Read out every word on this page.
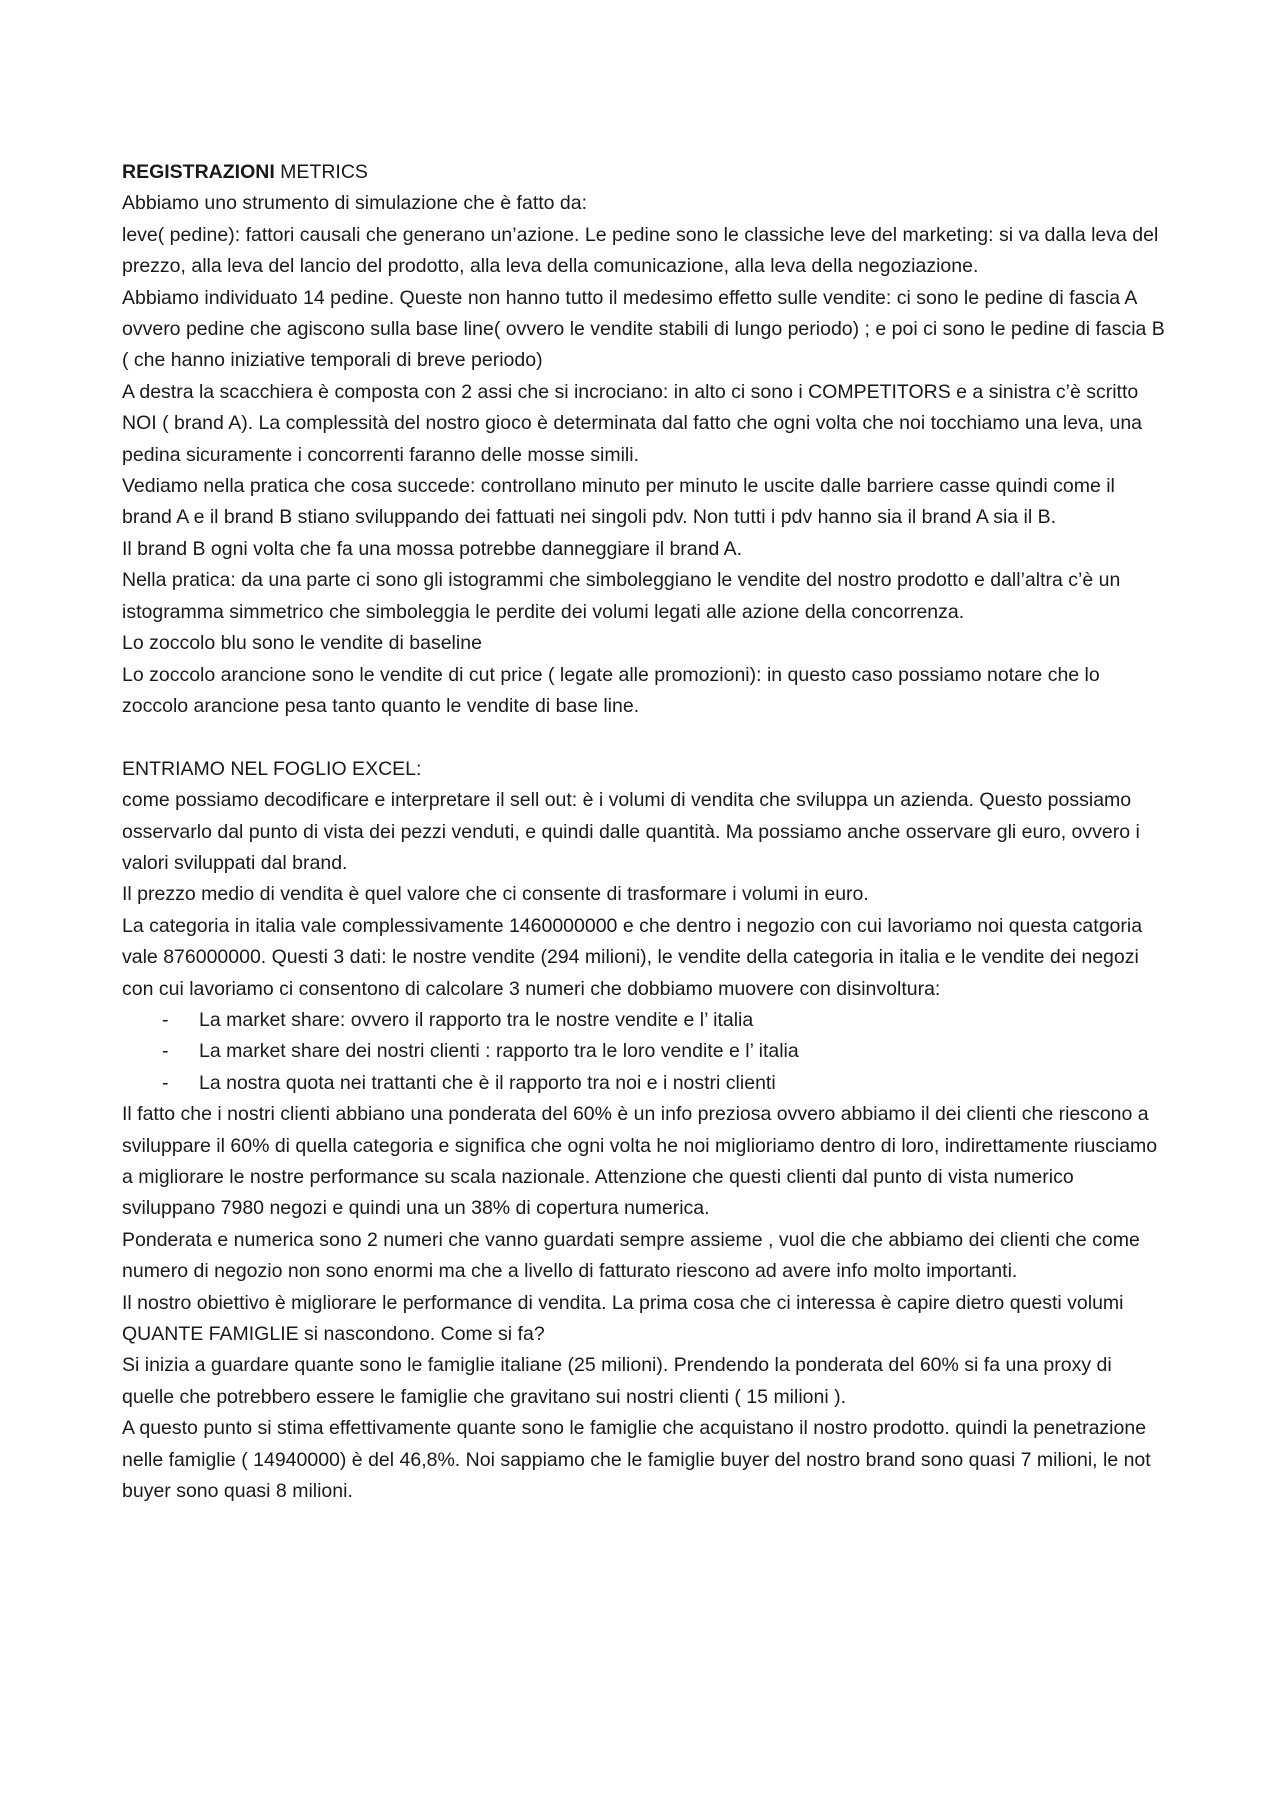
REGISTRAZIONI METRICS

Abbiamo uno strumento di simulazione che è fatto da:

leve( pedine): fattori causali che generano un’azione. Le pedine sono le classiche leve del marketing: si va dalla leva del prezzo, alla leva del lancio del prodotto, alla leva della comunicazione, alla leva della negoziazione.

Abbiamo individuato 14 pedine. Queste non hanno tutto il medesimo effetto sulle vendite: ci sono le pedine di fascia A ovvero pedine che agiscono sulla base line( ovvero le vendite stabili di lungo periodo) ; e poi ci sono le pedine di fascia B ( che hanno iniziative temporali di breve periodo)

A destra la scacchiera è composta con 2 assi che si incrociano: in alto ci sono i COMPETITORS e a sinistra c’è scritto NOI ( brand A). La complessità del nostro gioco è determinata dal fatto che ogni volta che noi tocchiamo una leva, una pedina sicuramente i concorrenti faranno delle mosse simili.

Vediamo nella pratica che cosa succede: controllano minuto per minuto le uscite dalle barriere casse quindi come il brand A e il brand B stiano sviluppando dei fattuati nei singoli pdv. Non tutti i pdv hanno sia il brand A sia il B.

Il brand B ogni volta che fa una mossa potrebbe danneggiare il brand A.

Nella pratica: da una parte ci sono gli istogrammi che simboleggiano le vendite del nostro prodotto e dall’altra c’è un istogramma simmetrico che simboleggia le perdite dei volumi legati alle azione della concorrenza.

Lo zoccolo blu sono le vendite di baseline

Lo zoccolo arancione sono le vendite di cut price ( legate alle promozioni): in questo caso possiamo notare che lo zoccolo arancione pesa tanto quanto le vendite di base line.

ENTRIAMO NEL FOGLIO EXCEL:

come possiamo decodificare e interpretare il sell out: è i volumi di vendita che sviluppa un azienda. Questo possiamo osservarlo dal punto di vista dei pezzi venduti, e quindi dalle quantità. Ma possiamo anche osservare gli euro, ovvero i valori sviluppati dal brand.

Il prezzo medio di vendita è quel valore che ci consente di trasformare i volumi in euro.

La categoria in italia vale complessivamente 1460000000 e che dentro i negozio con cui lavoriamo noi questa catgoria vale 876000000. Questi 3 dati: le nostre vendite (294 milioni), le vendite della categoria in italia e le vendite dei negozi con cui lavoriamo ci consentono di calcolare 3 numeri che dobbiamo muovere con disinvoltura:

- La market share: ovvero il rapporto tra le nostre vendite e l’ italia
- La market share dei nostri clienti : rapporto tra le loro vendite e l’ italia
- La nostra quota nei trattanti che è il rapporto tra noi e i nostri clienti

Il fatto che i nostri clienti abbiano una ponderata del 60% è un info preziosa ovvero abbiamo il dei clienti che riescono a sviluppare il 60% di quella categoria e significa che ogni volta he noi miglioriamo dentro di loro, indirettamente riusciamo a migliorare le nostre performance su scala nazionale. Attenzione che questi clienti dal punto di vista numerico sviluppano 7980 negozi e quindi una un 38% di copertura numerica.

Ponderata e numerica sono 2 numeri che vanno guardati sempre assieme , vuol die che abbiamo dei clienti che come numero di negozio non sono enormi ma che a livello di fatturato riescono ad avere info molto importanti.

Il nostro obiettivo è migliorare le performance di vendita. La prima cosa che ci interessa è capire dietro questi volumi QUANTE FAMIGLIE si nascondono. Come si fa?

Si inizia a guardare quante sono le famiglie italiane (25 milioni). Prendendo la ponderata del 60% si fa una proxy di quelle che potrebbero essere le famiglie che gravitano sui nostri clienti ( 15 milioni ).

A questo punto si stima effettivamente quante sono le famiglie che acquistano il nostro prodotto. quindi la penetrazione nelle famiglie ( 14940000) è del 46,8%. Noi sappiamo che le famiglie buyer del nostro brand sono quasi 7 milioni, le not buyer sono quasi 8 milioni.
